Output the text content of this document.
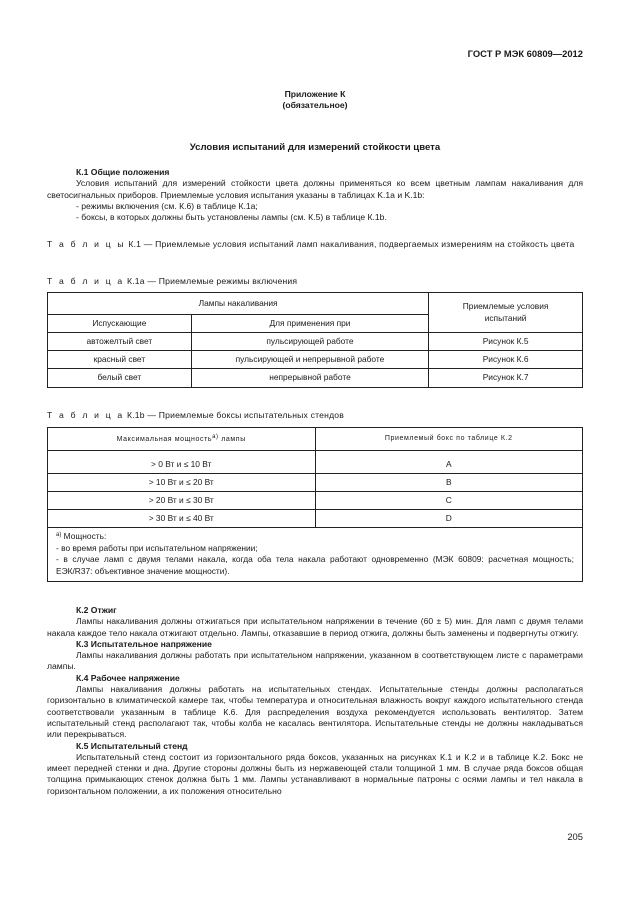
ГОСТ Р МЭК 60809—2012
Приложение К
(обязательное)
Условия испытаний для измерений стойкости цвета
К.1 Общие положения
Условия испытаний для измерений стойкости цвета должны применяться ко всем цветным лампам накаливания для светосигнальных приборов. Приемлемые условия испытания указаны в таблицах K.1a и K.1b:
- режимы включения (см. К.6) в таблице К.1а;
- боксы, в которых должны быть установлены лампы (см. К.5) в таблице К.1b.
Т а б л и ц ы К.1 — Приемлемые условия испытаний ламп накаливания, подвергаемых измерениям на стойкость цвета
Т а б л и ц а К.1а — Приемлемые режимы включения
Лампы накаливания		Приемлемые условия испытаний
Испускающие	Для применения при	
автожелтый свет	пульсирующей работе	Рисунок К.5
красный свет	пульсирующей и непрерывной работе	Рисунок К.6
белый свет	непрерывной работе	Рисунок К.7
Т а б л и ц а К.1b — Приемлемые боксы испытательных стендов
Максимальная мощностьа) лампы	Приемлемый бокс по таблице К.2

> 0 Вт и ≤ 10 Вт	A
> 10 Вт и ≤ 20 Вт	B
> 20 Вт и ≤ 30 Вт	C
> 30 Вт и ≤ 40 Вт	D
$^{а)}$ Мощность:
- во время работы при испытательном напряжении;
- в случае ламп с двумя телами накала, когда оба тела накала работают одновременно (МЭК 60809: расчетная мощность; ЕЭК/R37: объективное значение мощности).
К.2 Отжиг
Лампы накаливания должны отжигаться при испытательном напряжении в течение (60 ± 5) мин. Для ламп с двумя телами накала каждое тело накала отжигают отдельно. Лампы, отказавшие в период отжига, должны быть заменены и подвергнуты отжигу.
К.3 Испытательное напряжение
Лампы накаливания должны работать при испытательном напряжении, указанном в соответствующем листе с параметрами лампы.
К.4 Рабочее напряжение
Лампы накаливания должны работать на испытательных стендах. Испытательные стенды должны располагаться горизонтально в климатической камере так, чтобы температура и относительная влажность вокруг каждого испытательного стенда соответствовали указанным в таблице К.6. Для распределения воздуха рекомендуется использовать вентилятор. Затем испытательный стенд располагают так, чтобы колба не касалась вентилятора. Испытательные стенды не должны накладываться или перекрываться.
К.5 Испытательный стенд
Испытательный стенд состоит из горизонтального ряда боксов, указанных на рисунках К.1 и К.2 и в таблице К.2. Бокс не имеет передней стенки и дна. Другие стороны должны быть из нержавеющей стали толщиной 1 мм. В случае ряда боксов общая толщина примыкающих стенок должна быть 1 мм. Лампы устанавливают в нормальные патроны с осями лампы и тел накала в горизонтальном положении, а их положения относительно
205
